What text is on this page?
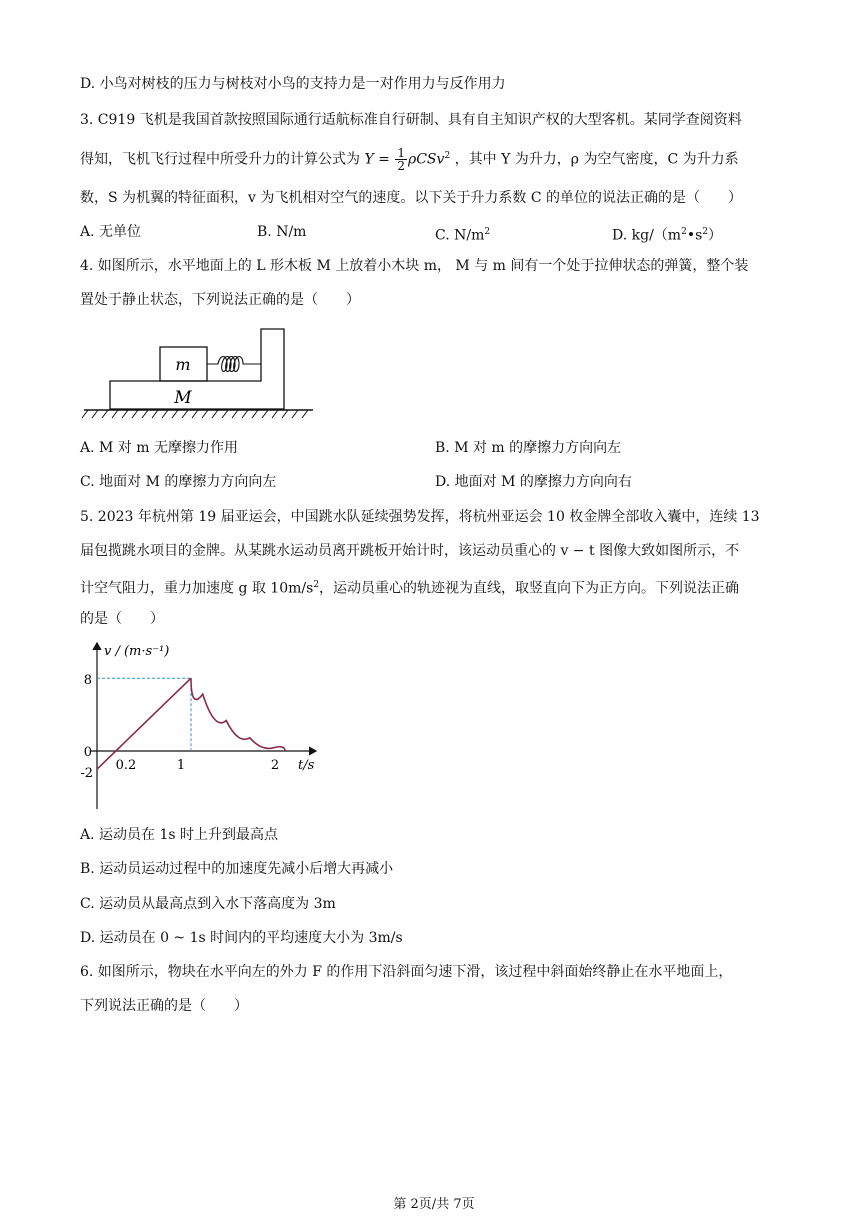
D. 小鸟对树枝的压力与树枝对小鸟的支持力是一对作用力与反作用力
3. C919 飞机是我国首款按照国际通行适航标准自行研制、具有自主知识产权的大型客机。某同学查阅资料
得知，飞机飞行过程中所受升力的计算公式为 $Y = \frac{1}{2} \rho CSv^2$ ，其中 Y 为升力，ρ 为空气密度，C 为升力系
数，S 为机翼的特征面积，v 为飞机相对空气的速度。以下关于升力系数 C 的单位的说法正确的是（　　）
A. 无单位	B. N/m	C. $N/m^2$	D. $kg/(m^2•s^2)$
4. 如图所示，水平地面上的 L 形木板 M 上放着小木块 m， M 与 m 间有一个处于拉伸状态的弹簧，整个装
置处于静止状态，下列说法正确的是（　　）
m
M
A. M 对 m 无摩擦力作用	B. M 对 m 的摩擦力方向向左
C. 地面对 M 的摩擦力方向向左	D. 地面对 M 的摩擦力方向向右
5. 2023 年杭州第 19 届亚运会，中国跳水队延续强势发挥，将杭州亚运会 10 枚金牌全部收入囊中，连续 13
届包揽跳水项目的金牌。从某跳水运动员离开跳板开始计时，该运动员重心的 v − t 图像大致如图所示，不
计空气阻力，重力加速度 g 取 $10m/s^2$，运动员重心的轨迹视为直线，取竖直向下为正方向。下列说法正确
的是（　　）
v / (m·s⁻¹)
t/s
8
0
-2
0.2	1	2
A. 运动员在 1s 时上升到最高点
B. 运动员运动过程中的加速度先减小后增大再减小
C. 运动员从最高点到入水下落高度为 3m
D. 运动员在 0 ~ 1s 时间内的平均速度大小为 3m/s
6. 如图所示，物块在水平向左的外力 F 的作用下沿斜面匀速下滑，该过程中斜面始终静止在水平地面上，
下列说法正确的是（　　）
第 2页/共 7页
